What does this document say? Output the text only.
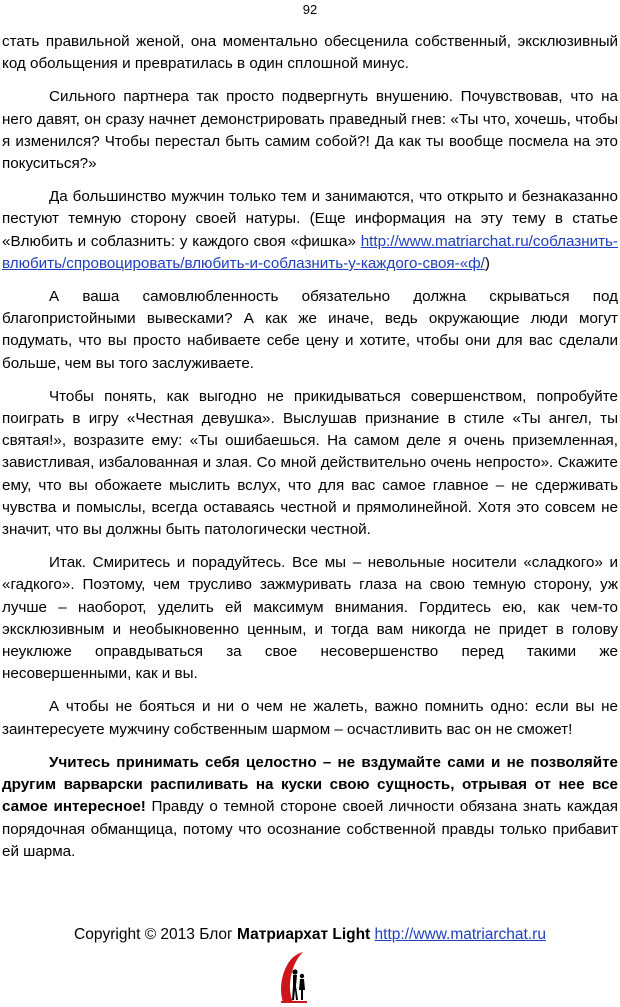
92

стать правильной женой, она моментально обесценила собственный, эксклюзивный код обольщения и превратилась в один сплошной минус.

Сильного партнера так просто подвергнуть внушению. Почувствовав, что на него давят, он сразу начнет демонстрировать праведный гнев: «Ты что, хочешь, чтобы я изменился? Чтобы перестал быть самим собой?! Да как ты вообще посмела на это покуситься?»

Да большинство мужчин только тем и занимаются, что открыто и безнаказанно пестуют темную сторону своей натуры. (Еще информация на эту тему в статье «Влюбить и соблазнить: у каждого своя «фишка» http://www.matriarchat.ru/соблазнить-влюбить/спровоцировать/влюбить-и-соблазнить-у-каждого-своя-«ф/)

А ваша самовлюбленность обязательно должна скрываться под благопристойными вывесками? А как же иначе, ведь окружающие люди могут подумать, что вы просто набиваете себе цену и хотите, чтобы они для вас сделали больше, чем вы того заслуживаете.

Чтобы понять, как выгодно не прикидываться совершенством, попробуйте поиграть в игру «Честная девушка». Выслушав признание в стиле «Ты ангел, ты святая!», возразите ему: «Ты ошибаешься. На самом деле я очень приземленная, завистливая, избалованная и злая. Со мной действительно очень непросто». Скажите ему, что вы обожаете мыслить вслух, что для вас самое главное – не сдерживать чувства и помыслы, всегда оставаясь честной и прямолинейной. Хотя это совсем не значит, что вы должны быть патологически честной.

Итак. Смиритесь и порадуйтесь. Все мы – невольные носители «сладкого» и «гадкого». Поэтому, чем трусливо зажмуривать глаза на свою темную сторону, уж лучше – наоборот, уделить ей максимум внимания. Гордитесь ею, как чем-то эксклюзивным и необыкновенно ценным, и тогда вам никогда не придет в голову неуклюже оправдываться за свое несовершенство перед такими же несовершенными, как и вы.

А чтобы не бояться и ни о чем не жалеть, важно помнить одно: если вы не заинтересуете мужчину собственным шармом – осчастливить вас он не сможет!

Учитесь принимать себя целостно – не вздумайте сами и не позволяйте другим варварски распиливать на куски свою сущность, отрывая от нее все самое интересное! Правду о темной стороне своей личности обязана знать каждая порядочная обманщица, потому что осознание собственной правды только прибавит ей шарма.

Copyright © 2013 Блог Матриархат Light http://www.matriarchat.ru
